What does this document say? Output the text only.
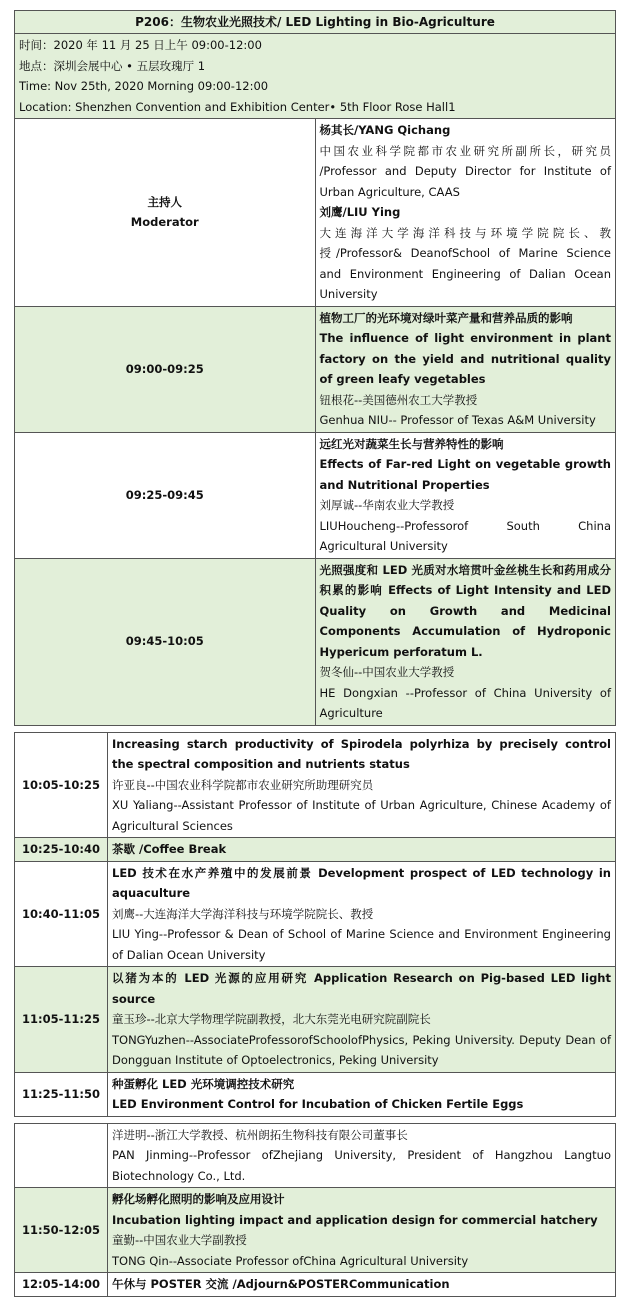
P206：生物农业光照技术/ LED Lighting in Bio-Agriculture	

时间：2020 年 11 月 25 日上午 09:00-12:00
地点：深圳会展中心 • 五层玫瑰厅 1
Time: Nov 25th, 2020 Morning 09:00-12:00
Location: Shenzhen Convention and Exhibition Center• 5th Floor Rose Hall1	

主持人
Moderator	杨其长/YANG Qichang
中国农业科学院都市农业研究所副所长，研究员 /Professor and Deputy Director for Institute of Urban Agriculture, CAAS
刘鹰/LIU Ying
大连海洋大学海洋科技与环境学院院长、教授/Professor& DeanofSchool of Marine Science and Environment Engineering of Dalian Ocean University

09:00-09:25	植物工厂的光环境对绿叶菜产量和营养品质的影响
The influence of light environment in plant factory on the yield and nutritional quality of green leafy vegetables
钮根花--美国德州农工大学教授
Genhua NIU-- Professor of Texas A&M University

09:25-09:45	远红光对蔬菜生长与营养特性的影响
Effects of Far-red Light on vegetable growth and Nutritional Properties
刘厚诚--华南农业大学教授
LIUHoucheng--Professorof South China Agricultural University

09:45-10:05	光照强度和 LED 光质对水培贯叶金丝桃生长和药用成分积累的影响 Effects of Light Intensity and LED Quality on Growth and Medicinal Components Accumulation of Hydroponic Hypericum perforatum L.
贺冬仙--中国农业大学教授
HE Dongxian --Professor of China University of Agriculture
10:05-10:25	Increasing starch productivity of Spirodela polyrhiza by precisely control the spectral composition and nutrients status
许亚良--中国农业科学院都市农业研究所助理研究员
XU Yaliang--Assistant Professor of Institute of Urban Agriculture, Chinese Academy of Agricultural Sciences

10:25-10:40	茶歇 /Coffee Break

10:40-11:05	LED 技术在水产养殖中的发展前景 Development prospect of LED technology in aquaculture
刘鹰--大连海洋大学海洋科技与环境学院院长、教授
LIU Ying--Professor & Dean of School of Marine Science and Environment Engineering of Dalian Ocean University

11:05-11:25	以猪为本的 LED 光源的应用研究 Application Research on Pig-based LED light source
童玉珍--北京大学物理学院副教授，北大东莞光电研究院副院长
TONGYuzhen--AssociateProfessorofSchoolofPhysics, Peking University. Deputy Dean of Dongguan Institute of Optoelectronics, Peking University

11:25-11:50	种蛋孵化 LED 光环境调控技术研究
LED Environment Control for Incubation of Chicken Fertile Eggs

	洋进明--浙江大学教授、杭州朗拓生物科技有限公司董事长
PAN Jinming--Professor ofZhejiang University, President of Hangzhou Langtuo Biotechnology Co., Ltd.

11:50-12:05	孵化场孵化照明的影响及应用设计
Incubation lighting impact and application design for commercial hatchery
童勤--中国农业大学副教授
TONG Qin--Associate Professor ofChina Agricultural University

12:05-14:00	午休与 POSTER 交流 /Adjourn&POSTERCommunication
